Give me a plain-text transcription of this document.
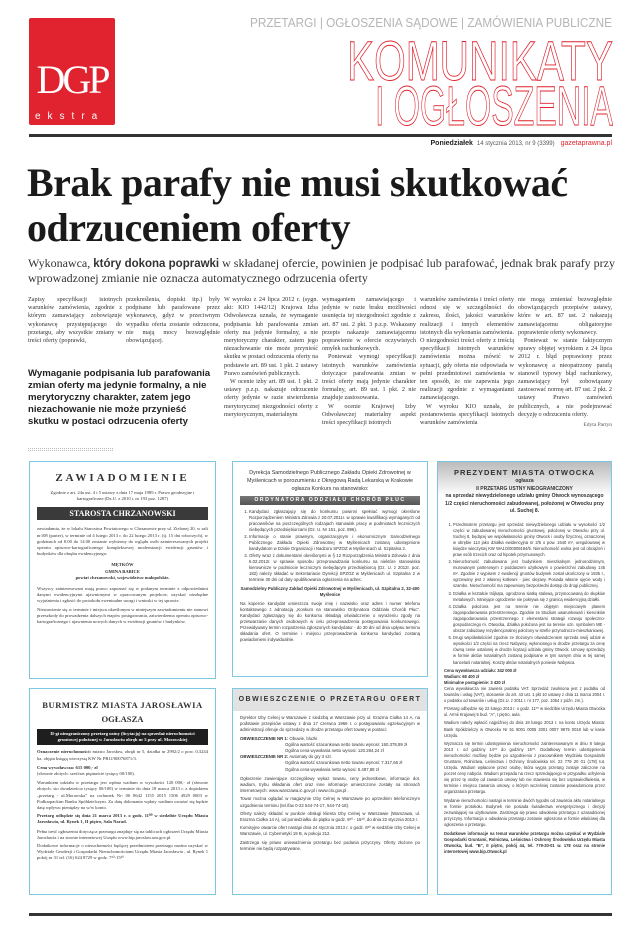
DGP
ekstra
PRZETARGI | OGŁOSZENIA SĄDOWE | ZAMÓWIENIA PUBLICZNE
KOMUNIKATY
I OGŁOSZENIA
Poniedziałek 14 stycznia 2013, nr 9 (3399) gazetaprawna.pl
Brak parafy nie musi skutkować
odrzuceniem oferty
Wykonawca, który dokona poprawki w składanej ofercie, powinien je podpisać lub parafować, jednak brak parafy przy wprowadzonej zmianie nie oznacza automatycznego odrzucenia oferty

Zapisy specyfikacji istotnych warunków zamówienia, zgodnie z którym zamawiający zobowiązuje wykonawcę przystępującego do przetargu, aby wszystkie zmiany w treści oferty (poprawki,

przekreślenia, dopiski itp.) były podpisane lub parafowane przez wykonawcę, gdyż w przeciwnym wypadku oferta zostanie odrzucona, nie mają mocy bezwzględnie obowiązującej.

Wymaganie podpisania lub parafowania zmian oferty ma jedynie formalny, a nie merytoryczny charakter, zatem jego niezachowanie nie może przynieść skutku w postaci odrzucenia oferty

W wyroku z 24 lipca 2012 r. (sygn. akt: KIO 1442/12) Krajowa Izba Odwoławcza uznała, że wymaganie podpisania lub parafowania zmian oferty ma jedynie formalny, a nie merytoryczny charakter, zatem jego niezachowanie nie może przynieść skutku w postaci odrzucenia oferty na podstawie art. 89 ust. 1 pkt. 2 ustawy Prawo zamówień publicznych.

W ocenie izby art. 89 ust. 1 pkt. 2 ustawy p.z.p. nakazuje odrzucenie oferty jedynie w razie stwierdzenia merytorycznej niezgodności oferty z merytorycznym, materialnym

wymaganiem zamawiającego i jedynie w razie braku możliwości usunięcia tej niezgodności zgodnie z art. 87 ust. 2 pkt. 3 p.z.p. Wskazany przepis nakazuje zamawiającemu poprawienie w ofercie oczywistych omyłek rachunkowych.

Ponieważ wymogi specyfikacji istotnych warunków zamówienia dotyczące parafowania zmian w treści oferty mają jedynie charakter formalny, art. 89 ust. 1 pkt. 2 nie znajduje zastosowania.

W ocenie Krajowej Izby Odwoławczej materialny aspekt treści specyfikacji istotnych

warunków zamówienia i treści oferty odnosi się w szczególności do zakresu, ilości, jakości warunków realizacji i innych elementów istotnych dla wykonania zamówienia. O niezgodności treści oferty z treścią specyfikacji istotnych warunków zamówienia można mówić w sytuacji, gdy oferta nie odpowiada w pełni przedmiotowi zamówienia w ten sposób, że nie zapewnia jego realizacji zgodnie z wymaganiami zamawiającego.

W wyroku KIO uznała, że postanowienia specyfikacji istotnych warunków zamówienia

nie mogą zmieniać bezwzględnie obowiązujących przepisów ustawy, które w art. 87 ust. 2 nakazują zamawiającemu obligatoryjne poprawienie oferty wykonawcy.

Ponieważ w stanie faktycznym sprawy objętej wyrokiem z 24 lipca 2012 r. błąd poprawiony przez wykonawcę a nieopatrzony parafą stanowił typowy błąd rachunkowy, zamawiający był zobowiązany zastosować normę art. 87 ust. 2 pkt. 2 ustawy Prawo zamówień publicznych, a nie podejmować decyzję o odrzuceniu oferty.

Edyta Partyn
ZAWIADOMIENIE

Zgodnie z art. 24a ust. 4 i 5 ustawy z dnia 17 maja 1989 r. Prawo geodezyjne i kartograficzne (Dz.U. z 2010 r. nr 193 poz. 1287)

STAROSTA CHRZANOWSKI

zawiadamia, że w lokalu Starostwa Powiatowego w Chrzanowie przy ul. Zielonej 20, w sali nr108 (parter), w terminie od 4 lutego 2013 r. do 22 lutego 2013 r. (tj. 15 dni roboczych), w godzinach od 8.00 do 14.00 zostanie wyłożony do wglądu osób zainteresowanych projekt operatu opisowo-kartograficznego kompleksowej modernizacji ewidencji gruntów i budynków dla obrębu ewidencyjnego:

MĘTKÓW
GMINA BABICE
powiat chrzanowski, województwo małopolskie.

Wszyscy zainteresowani mają prawo zapoznać się w podanym terminie z odpowiednimi danymi ewidencyjnymi ujawnionymi w opracowanym projekcie, uzyskać niezbędne wyjaśnienia i zgłosić do protokołu ewentualne uwagi i wnioski w tej sprawie.

Niestawienie się w terminie i miejscu określonym w niniejszym zawiadomieniu nie stanowi przeszkody do prowadzenia dalszych etapów postępowania, zatwierdzenia operatu opisowo-kartograficznego i ujawnienia nowych danych w ewidencji gruntów i budynków.

BURMISTRZ MIASTA JAROSŁAWIA
OGŁASZA
II-gi nieograniczony przetarg ustny (licytację) na sprzedaż nieruchomości gruntowej położonej w Jarosławiu obręb nr 5 przy ul. Morawskiej

Oznaczenie nieruchomości: miasto Jarosław, obręb nr 5, działka nr 2992/2 o pow. 0,3244 ha, objęta księgą wieczystą KW Nr PR1J/00076871/3.

Cena wywoławcza: 615 000,- zł
(słownie złotych: sześćset piętnaście tysięcy 00/100).

Warunkiem udziału w przetargu jest wpłata wadium w wysokości 120 000,- zł (słownie złotych: sto dwadzieścia tysięcy 00/100) w terminie do dnia 18 marca 2013 r. z dopiskiem „przetarg - ul.Morawska” na rachunek Nr: 06 8642 1155 2015 1506 4929 0003 w Podkarpackim Banku Spółdzielczym. Za datę dokonania wpłaty wadium uważać się będzie datę wpływu pieniędzy na w/w konto.

Przetarg odbędzie się dnia 21 marca 2013 r. o godz. 11⁰⁰ w siedzibie Urzędu Miasta Jarosławia, ul. Rynek 1, II piętro, Sala Narad.

Pełna treść ogłoszenia dotycząca przetargu znajduje się na tablicach ogłoszeń Urzędu Miasta Jarosławia i na stronie internetowej Urzędu www.bip.jaroslaw.um.gov.pl.

Dodatkowe informacje o nieruchomości będącej przedmiotem przetargu można uzyskać w Wydziale Geodezji i Gospodarki Nieruchomościami Urzędu Miasta Jarosławia , ul. Rynek 1 pokój nr 31 tel. (16) 624 8729 w godz. 7³⁰-15³⁰

Dyrekcja Samodzielnego Publicznego Zakładu Opieki Zdrowotnej w Myślenicach w porozumieniu z Okręgową Radą Lekarską w Krakowie
ogłasza Konkurs na stanowisko:
ORDYNATORA ODDZIAŁU CHORÓB PŁUC
1. Kandydaci zgłaszający się do konkursu powinni spełniać wymogi określone Rozporządzeniem Ministra Zdrowia z 20.07.2011r. w sprawie kwalifikacji wymaganych od pracowników na poszczególnych rodzajach stanowisk pracy w podmiotach leczniczych niebędących przedsiębiorcami (Dz. U. Nr 151, poz. 896).
2. Informacje o stanie prawnym, organizacyjnym i ekonomicznym Samodzielnego Publicznego Zakładu Opieki Zdrowotnej w Myślenicach zostaną udostępnione kandydatom w Dziale Organizacji i Nadzoru SPZOZ w Myślenicach ul. Szpitalna 2.
3. Oferty wraz z dokumentami określonymi w § 12 Rozporządzenia Ministra Zdrowia z dnia 6.02.2012r. w sprawie sposobu przeprowadzania konkursu na niektóre stanowiska kierownicze w podmiocie leczniczym niebędącym przedsiębiorcą (Dz. U. z 2012r. poz. 182) należy składać w Sekretariacie Dyrekcji SPZOZ w Myślenicach ul. Szpitalna 2 w terminie 30 dni od daty opublikowania ogłoszenia na adres:

Samodzielny Publiczny Zakład Opieki Zdrowotnej w Myślenicach, ul. Szpitalna 2, 32-400 Myślenice

Na kopercie kandydat umieszcza swoje imię i nazwisko oraz adres i numer telefonu kontaktowego z adnotacją „Konkurs na stanowisko Ordynatora Oddziału Chorób Płuc”. Kandydaci zgłaszający się do konkursu składają oświadczenie o wyrażeniu zgody na przetwarzanie danych osobowych w celu przeprowadzenia postępowania konkursowego. Przewidywany termin rozpatrzenia zgłoszonych kandydatur - do 30 dni od dnia upływu terminu składania ofert. O terminie i miejscu przeprowadzenia konkursu kandydaci zostaną powiadomieni indywidualnie.

OBWIESZCZENIE O PRZETARGU OFERT

Dyrektor Izby Celnej w Warszawie z siedzibą w Warszawie przy ul. Erazma Ciołka 14 A, na podstawie przepisów ustawy z dnia 17 czerwca 1966 r. o postępowaniu egzekucyjnym w administracji oferuje do sprzedaży w drodze przetargu ofert towary w postaci:

OBWIESZCZENIE NR 1: Obuwie, bluzki
Ogólna wartość szacunkowa netto towaru wynosi: 160.378,89 zł
Ogólna cena wywołania netto wynosi: 120.284,24 zł
OBWIESZCZENIE NR 2: Automaty do gry 3 szt.
Ogólna wartość szacunkowa netto towaru wynosi: 7.317,66 zł
Ogólna cena wywołania netto wynosi: 5.487,88 zł

Ogłoszenie zawierające szczegółowy wykaz towaru, ceny jednostkowe, informacje dot. wadium, trybu składania ofert oraz inne informacje umieszczone zostały na stronach internetowych: www.warszawa.ic.gov.pl i www.clo.gov.pl .

Towar można oglądać w magazynie Izby Celnej w Warszawie po uprzednim telefonicznym uzgodnieniu terminu (tel./fax 0-22 544-74-17, 544-74-18).

Oferty należy składać w punkcie obsługi klienta Izby Celnej w Warszawie (Warszawa, ul. Erazma Ciołka 14 A), od poniedziałku do piątku w godz. 8³⁰ - 15³⁰, do dnia 22 stycznia 2013 r.

Komisyjne otwarcie ofert nastąpi dnia 24 stycznia 2013 r. o godz. 8³⁰ w siedzibie Izby Celnej w Warszawie, ul. Cybernetyki 19 B, w pokoju 212.

Zastrzega się prawo unieważnienia przetargu bez podania przyczyny. Oferty złożone po terminie nie będą rozpatrywane.

PREZYDENT MIASTA OTWOCKA
ogłasza
II PRZETARG USTNY NIEOGRANICZONY
na sprzedaż niewydzielonego udziału gminy Otwock wynoszącego 1/2 części nieruchomości zabudowanej, położonej w Otwocku przy ul. Suchej 8.
1. Przedmiotem przetargu jest sprzedaż niewydzielonego udziału w wysokości 1/2 części w zabudowanej nieruchomości gruntowej, położonej w Otwocku przy ul. Suchej 8, będącej we współwłasności gminy Otwock i osoby fizycznej, oznaczonej w obrębie 113 jako działka ewidencyjna nr 2/5 o pow. 1640 m², uregulowanej w księdze wieczystej KW WA1O/00009184/5. Nieruchomość wolna jest od obciążeń i praw osób trzecich oraz od hipotek przymusowych.
2. Nieruchomość zabudowana jest budynkiem mieszkalnym jednorodzinnym, murowanym parterowym z poddaszem użytkowym o powierzchni zabudowy 145 m². Zgodnie z wypisem z ewidencji gruntów budynek został ukończony w 1935 r., ogrzewany jest z własnej kotłowni - piec olejowy. Posiada własne ujęcie wody i szambo. Nieruchomość ma zapewniony bezpośredni dostęp do drogi publicznej.
3. Działka w kształcie trójkąta, ogrodzona siatką stalową, przymocowaną do słupków metalowych. Istniejące ogrodzenie nie pokrywa się z granicą ewidencyjną działki.
4. Działka położona jest na terenie nie objętym miejscowym planem zagospodarowania przestrzennego. Zgodnie ze Studium uwarunkowań i kierunków zagospodarowania przestrzennego z elementami strategii rozwoju społeczno-gospodarczego m. Otwocka, działka położona jest na terenie ozn. symbolem ME - obszar zabudowy rezydencjonalnej położony w strefie przyrodniczo-mieszkaniowej.
5. Drugi współwłaściciel zgodnie ze złożonym oświadczeniem sprzeda swój udział w wysokości 1/2 części na rzecz Nabywcy, wyłonionego w drodze przetargu za cenę równą cenie ustalonej w drodze licytacji udziału gminy Otwock. Umowy sprzedaży w formie aktów notarialnych zostaną podpisane w tym samym dniu w tej samej kancelarii notarialnej. Koszty aktów notarialnych poniesie Nabywca.
Cena wywoławcza udziału: 342 000 zł
Wadium: 68 400 zł
Minimalne postąpienie: 3 420 zł

Cena wywoławcza nie zawiera podatku VAT. Sprzedaż zwolniona jest z podatku od towarów i usług (VAT), stosownie do art. 43 ust. 1 pkt 10 ustawy z dnia 11 marca 2004 r. o podatku od towarów i usług (Dz.U. z 2011 r. nr 177, poz. 1054 z późn. zm.).

Przetarg odbędzie się 22 lutego 2013 r. o godz. 11⁰⁰ w siedzibie Urzędu Miasta Otwocka ul. Armii Krajowej 5 bud. "A", I piętro, aula.

Wadium należy wpłacić najpóźniej do dnia 18 lutego 2013 r. na konto Urzędu Miasta: Bank Spółdzielczy w Otwocku Nr 51 8001 0005 2001 0007 9875 0018 lub w kasie Urzędu.

Wyznacza się termin udostępnienia nieruchomości zainteresowanym w dniu 8 lutego 2013 r. od godziny 14⁰⁰ do godziny 15⁰⁰. Dodatkowy termin udostępnienia nieruchomości możliwy będzie po uzgodnieniu z pracownikiem Wydziału Gospodarki Gruntami, Rolnictwa, Leśnictwa i Ochrony Środowiska tel. 22 779 20 01 (178) tut. Urzędu. Wadium wpłacone przez osobę, która wygra przetarg zostaje zaliczone na poczet ceny nabycia. Wadium przepada na rzecz sprzedającego w przypadku uchylenia się przez tę osobę od zawarcia umowy lub nie stawienia się bez usprawiedliwienia, w terminie i miejscu zawarcia umowy, o którym wcześniej zostanie powiadomiona przez organizatora przetargu.

Wydanie nieruchomości nastąpi w terminie dwóch tygodni od zawarcia aktu notarialnego w formie protokołu. Budynek nie posiada świadectwa energetycznego i decyzji zezwalającej na użytkowanie. Zastrzega się prawo odwołania przetargu z uzasadnionej przyczyny. Informacja o odwołaniu przetargu zostanie ogłoszona w formie właściwej dla ogłoszenia o przetargu.

Dodatkowe informacje na temat warunków przetargu można uzyskać w Wydziale Gospodarki Gruntami, Rolnictwa, Leśnictwa i Ochrony Środowiska Urzędu Miasta Otwocka, bud. "B", II piętro, pokój 44, tel. 779-20-01 w. 178 oraz na stronie internetowej www.bip.Otwock.pl
